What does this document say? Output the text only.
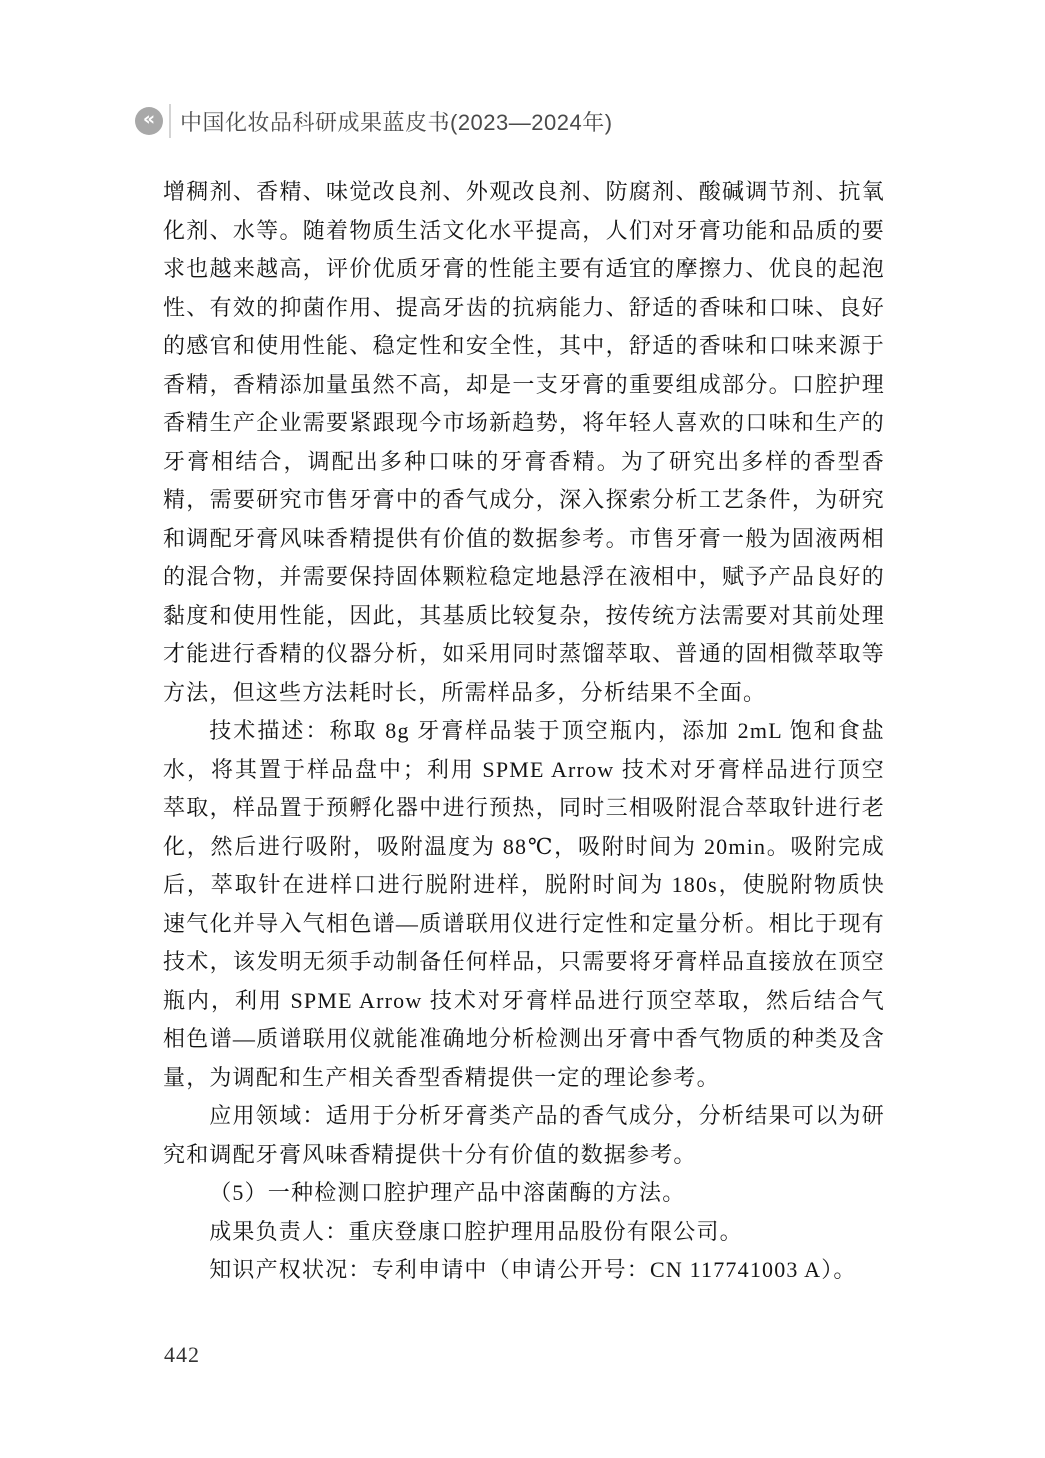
«	中国化妆品科研成果蓝皮书(2023—2024年)

增稠剂、香精、味觉改良剂、外观改良剂、防腐剂、酸碱调节剂、抗氧化剂、水等。随着物质生活文化水平提高，人们对牙膏功能和品质的要求也越来越高，评价优质牙膏的性能主要有适宜的摩擦力、优良的起泡性、有效的抑菌作用、提高牙齿的抗病能力、舒适的香味和口味、良好的感官和使用性能、稳定性和安全性，其中，舒适的香味和口味来源于香精，香精添加量虽然不高，却是一支牙膏的重要组成部分。口腔护理香精生产企业需要紧跟现今市场新趋势，将年轻人喜欢的口味和生产的牙膏相结合，调配出多种口味的牙膏香精。为了研究出多样的香型香精，需要研究市售牙膏中的香气成分，深入探索分析工艺条件，为研究和调配牙膏风味香精提供有价值的数据参考。市售牙膏一般为固液两相的混合物，并需要保持固体颗粒稳定地悬浮在液相中，赋予产品良好的黏度和使用性能，因此，其基质比较复杂，按传统方法需要对其前处理才能进行香精的仪器分析，如采用同时蒸馏萃取、普通的固相微萃取等方法，但这些方法耗时长，所需样品多，分析结果不全面。

技术描述：称取 8g 牙膏样品装于顶空瓶内，添加 2mL 饱和食盐水，将其置于样品盘中；利用 SPME Arrow 技术对牙膏样品进行顶空萃取，样品置于预孵化器中进行预热，同时三相吸附混合萃取针进行老化，然后进行吸附，吸附温度为 88℃，吸附时间为 20min。吸附完成后，萃取针在进样口进行脱附进样，脱附时间为 180s，使脱附物质快速气化并导入气相色谱—质谱联用仪进行定性和定量分析。相比于现有技术，该发明无须手动制备任何样品，只需要将牙膏样品直接放在顶空瓶内，利用 SPME Arrow 技术对牙膏样品进行顶空萃取，然后结合气相色谱—质谱联用仪就能准确地分析检测出牙膏中香气物质的种类及含量，为调配和生产相关香型香精提供一定的理论参考。

应用领域：适用于分析牙膏类产品的香气成分，分析结果可以为研究和调配牙膏风味香精提供十分有价值的数据参考。

（5）一种检测口腔护理产品中溶菌酶的方法。

成果负责人：重庆登康口腔护理用品股份有限公司。

知识产权状况：专利申请中（申请公开号：CN 117741003 A）。

442
